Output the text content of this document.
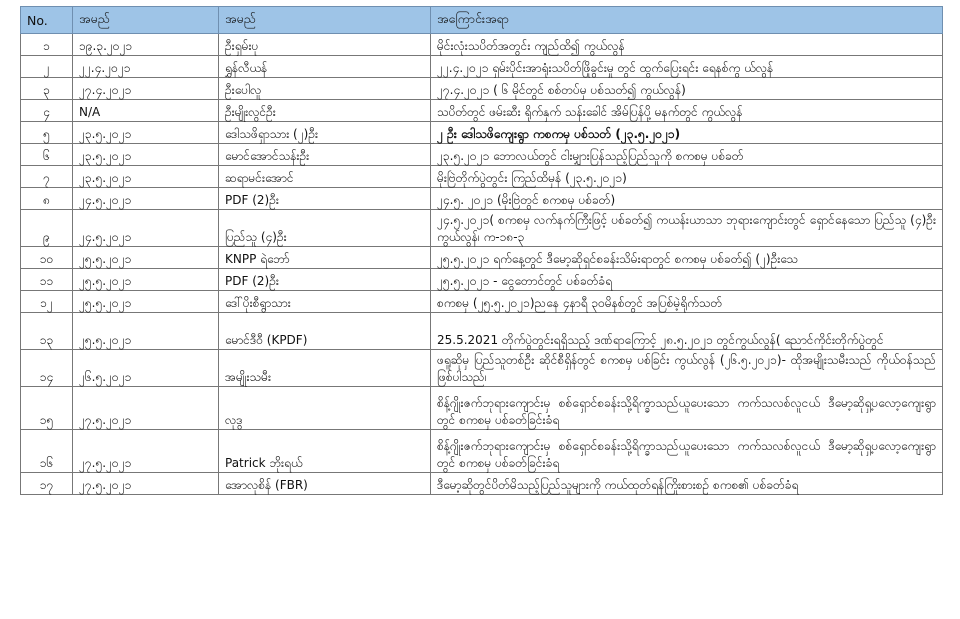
No.	အမည်	အမည်	အကြောင်းအရာ
၁	၁၉.၃.၂၀၂၁	ဦးရှမ်းပု	မိုင်းလုံးသပိတ်အတွင်း ကျည်ထိ၍ ကွယ်လွန်
၂	၂၂.၄.၂၀၂၁	ရွှန်လီယန်	၂၂.၄.၂၀၂၁ ရှမ်းပိုင်းအာရုံးသပိတ်ဖြိုခွင်းမှု တွင် ထွက်ပြေးရင်း ရေနစ်ကွ ယ်လွန်
၃	၂၇.၄.၂၀၂၁	ဦးပေါလူ	၂၇.၄.၂၀၂၁ ( ၆ မိုင်တွင် စစ်တပ်မှ ပစ်သတ်၍ ကွယ်လွန်)
၄	N/A	ဦးမျိုးလွင်ဦး	သပိတ်တွင် ဖမ်းဆီး ရိုက်နှက် သန်းခေါင် အိမ်ပြန်ပို့ မနက်တွင် ကွယ်လွန်
၅	၂၃.၅.၂၀၂၁	ဒေါသဖိရှာသား (၂)ဦး	၂ ဦး ဒေါသဖိကျေးရွာ ကစကမှ ပစ်သတ် (၂၃.၅.၂၀၂၁)
၆	၂၃.၅.၂၀၂၁	မောင်အောင်သန်းဦး	၂၃.၅.၂၀၂၁ ဘောလယ်တွင် ငါးမျှားပြန်သည့်ပြည်သူကို စကစမှ ပစ်ခတ်
၇	၂၃.၅.၂၀၂၁	ဆရာမင်းအောင်	မိုးဗြဲတိုက်ပွဲတွင်း ကြည်ထိမှန် (၂၃.၅.၂၀၂၁)
၈	၂၄.၅.၂၀၂၁	PDF (2)ဦး	၂၄.၅. ၂၀၂၁ (မိုးဗြဲတွင် စကစမှ ပစ်ခတ်)
၉	၂၄.၅.၂၀၂၁	ပြည်သူ (၄)ဦး	၂၄.၅.၂၀၂၁( စကစမှ လက်နက်ကြီးဖြင့် ပစ်ခတ်၍ ကယန်းယာသာ ဘုရားကျောင်းတွင် ရှောင်နေသော ပြည်သူ (၄)ဦး ကွယ်လွန်၊ က-၁၈-၃
၁၀	၂၅.၅.၂၀၂၁	KNPP ရဲဘော်	၂၅.၅.၂၀၂၁ ရက်နေ့တွင် ဒီမော့ဆိုရှင်စခန်းသိမ်းရာတွင် စကစမှ ပစ်ခတ်၍ (၂)ဦးသေ
၁၁	၂၅.၅.၂၀၂၁	PDF (2)ဦး	၂၅.၅.၂၀၂၁ - ငွေတောင်တွင် ပစ်ခတ်ခံရ
၁၂	၂၅.၅.၂၀၂၁	ဒေါ်ပိုးစီရွာသား	စကစမှ (၂၅.၅.၂၀၂၁)ညနေ ၄နာရီ ၃၀မိနစ်တွင် အပြစ်မဲ့ရိုက်သတ်
၁၃	၂၅.၅.၂၀၂၁	မောင်ဒီဝီ (KPDF)	25.5.2021 တိုက်ပွဲတွင်းရရှိသည့် ဒဏ်ရာကြောင့် ၂၈.၅.၂၀၂၁ တွင်ကွယ်လွန်( ညောင်ကိုင်းတိုက်ပွဲတွင်
၁၄	၂၆.၅.၂၀၂၁	အမျိုးသမီး	ဖရူဆိုမှ ပြည်သူတစ်ဦး ဆိုင်စီရှိန်တွင် စကစမှ ပစ်ခြင်း ကွယ်လွန် (၂၆.၅.၂၀၂၁)- ထိုအမျိုးသမီးသည် ကိုယ်ဝန်သည်ဖြစ်ပါသည်၊
၁၅	၂၇.၅.၂၀၂၁	လုဒွ	စိန့်ဂျိုးဇက်ဘုရားကျောင်းမှ စစ်ရှောင်စခန်းသို့ရိက္ခာသည်ယူပေးသော ကက်သလစ်လူငယ် ဒီမော့ဆိုရှ့ပလော့ကျေးရွာတွင် စကစမှ ပစ်ခတ်ခြင်းခံရ
၁၆	၂၇.၅.၂၀၂၁	Patrick ဘိုးရယ်	စိန့်ဂျိုးဇက်ဘုရားကျောင်းမှ စစ်ရှောင်စခန်းသို့ရိက္ခာသည်ယူပေးသော ကက်သလစ်လူငယ် ဒီမော့ဆိုရှ့ပလော့ကျေးရွာတွင် စကစမှ ပစ်ခတ်ခြင်းခံရ
၁၇	၂၇.၅.၂၀၂၁	အောလုစိန် (FBR)	ဒီမော့ဆိုတွင်ပိတ်မိသည့်ပြည်သူများကို ကယ်ထုတ်ရန်ကြိုးစားစဥ် စကစ၏ ပစ်ခတ်ခံရ
